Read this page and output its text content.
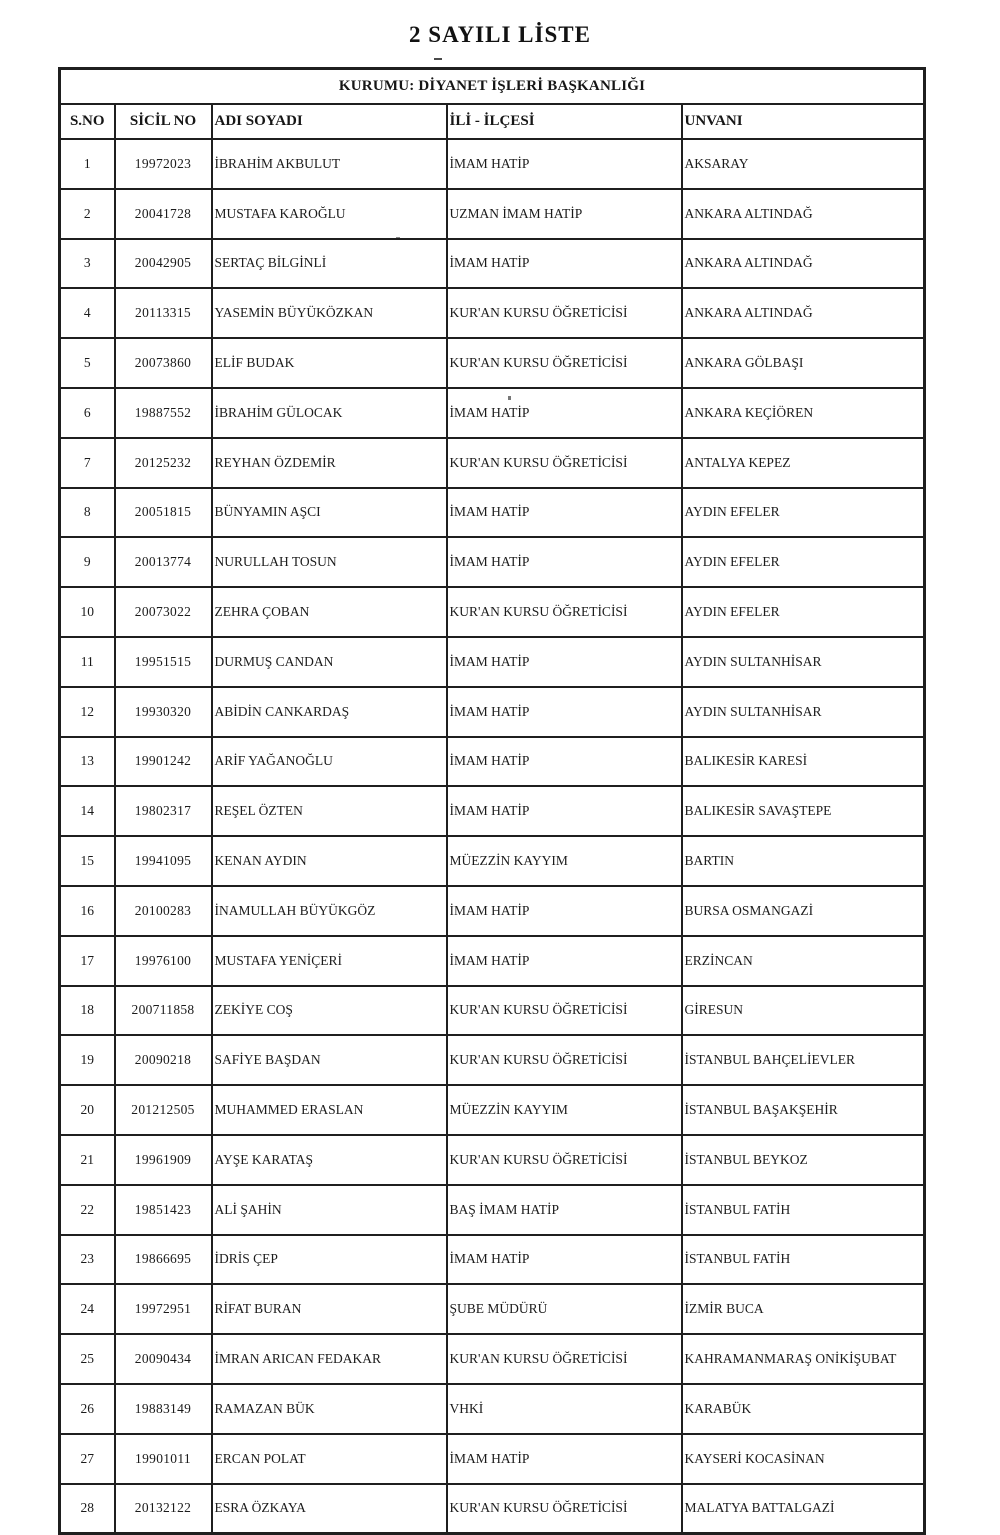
2 SAYILI LİSTE
KURUMU: DİYANET İŞLERİ BAŞKANLIĞI				
S.NO	SİCİL NO	ADI SOYADI	İLİ - İLÇESİ	UNVANI
1	19972023	İBRAHİM AKBULUT	İMAM HATİP	AKSARAY
2	20041728	MUSTAFA KAROĞLU	UZMAN İMAM HATİP	ANKARA ALTINDAĞ
3	20042905	SERTAÇ BİLGİNLİ	İMAM HATİP	ANKARA ALTINDAĞ
4	20113315	YASEMİN BÜYÜKÖZKAN	KUR'AN KURSU ÖĞRETİCİSİ	ANKARA ALTINDAĞ
5	20073860	ELİF BUDAK	KUR'AN KURSU ÖĞRETİCİSİ	ANKARA GÖLBAŞI
6	19887552	İBRAHİM GÜLOCAK	İMAM HATİP	ANKARA KEÇİÖREN
7	20125232	REYHAN ÖZDEMİR	KUR'AN KURSU ÖĞRETİCİSİ	ANTALYA KEPEZ
8	20051815	BÜNYAMIN AŞCI	İMAM HATİP	AYDIN EFELER
9	20013774	NURULLAH TOSUN	İMAM HATİP	AYDIN EFELER
10	20073022	ZEHRA ÇOBAN	KUR'AN KURSU ÖĞRETİCİSİ	AYDIN EFELER
11	19951515	DURMUŞ CANDAN	İMAM HATİP	AYDIN SULTANHİSAR
12	19930320	ABİDİN CANKARDAŞ	İMAM HATİP	AYDIN SULTANHİSAR
13	19901242	ARİF YAĞANOĞLU	İMAM HATİP	BALIKESİR KARESİ
14	19802317	REŞEL ÖZTEN	İMAM HATİP	BALIKESİR SAVAŞTEPE
15	19941095	KENAN AYDIN	MÜEZZİN KAYYIM	BARTIN
16	20100283	İNAMULLAH BÜYÜKGÖZ	İMAM HATİP	BURSA OSMANGAZİ
17	19976100	MUSTAFA YENİÇERİ	İMAM HATİP	ERZİNCAN
18	200711858	ZEKİYE COŞ	KUR'AN KURSU ÖĞRETİCİSİ	GİRESUN
19	20090218	SAFİYE BAŞDAN	KUR'AN KURSU ÖĞRETİCİSİ	İSTANBUL BAHÇELİEVLER
20	201212505	MUHAMMED ERASLAN	MÜEZZİN KAYYIM	İSTANBUL BAŞAKŞEHİR
21	19961909	AYŞE KARATAŞ	KUR'AN KURSU ÖĞRETİCİSİ	İSTANBUL BEYKOZ
22	19851423	ALİ ŞAHİN	BAŞ İMAM HATİP	İSTANBUL FATİH
23	19866695	İDRİS ÇEP	İMAM HATİP	İSTANBUL FATİH
24	19972951	RİFAT BURAN	ŞUBE MÜDÜRÜ	İZMİR BUCA
25	20090434	İMRAN ARICAN FEDAKAR	KUR'AN KURSU ÖĞRETİCİSİ	KAHRAMANMARAŞ ONİKİŞUBAT
26	19883149	RAMAZAN BÜK	VHKİ	KARABÜK
27	19901011	ERCAN POLAT	İMAM HATİP	KAYSERİ KOCASİNAN
28	20132122	ESRA ÖZKAYA	KUR'AN KURSU ÖĞRETİCİSİ	MALATYA BATTALGAZİ
